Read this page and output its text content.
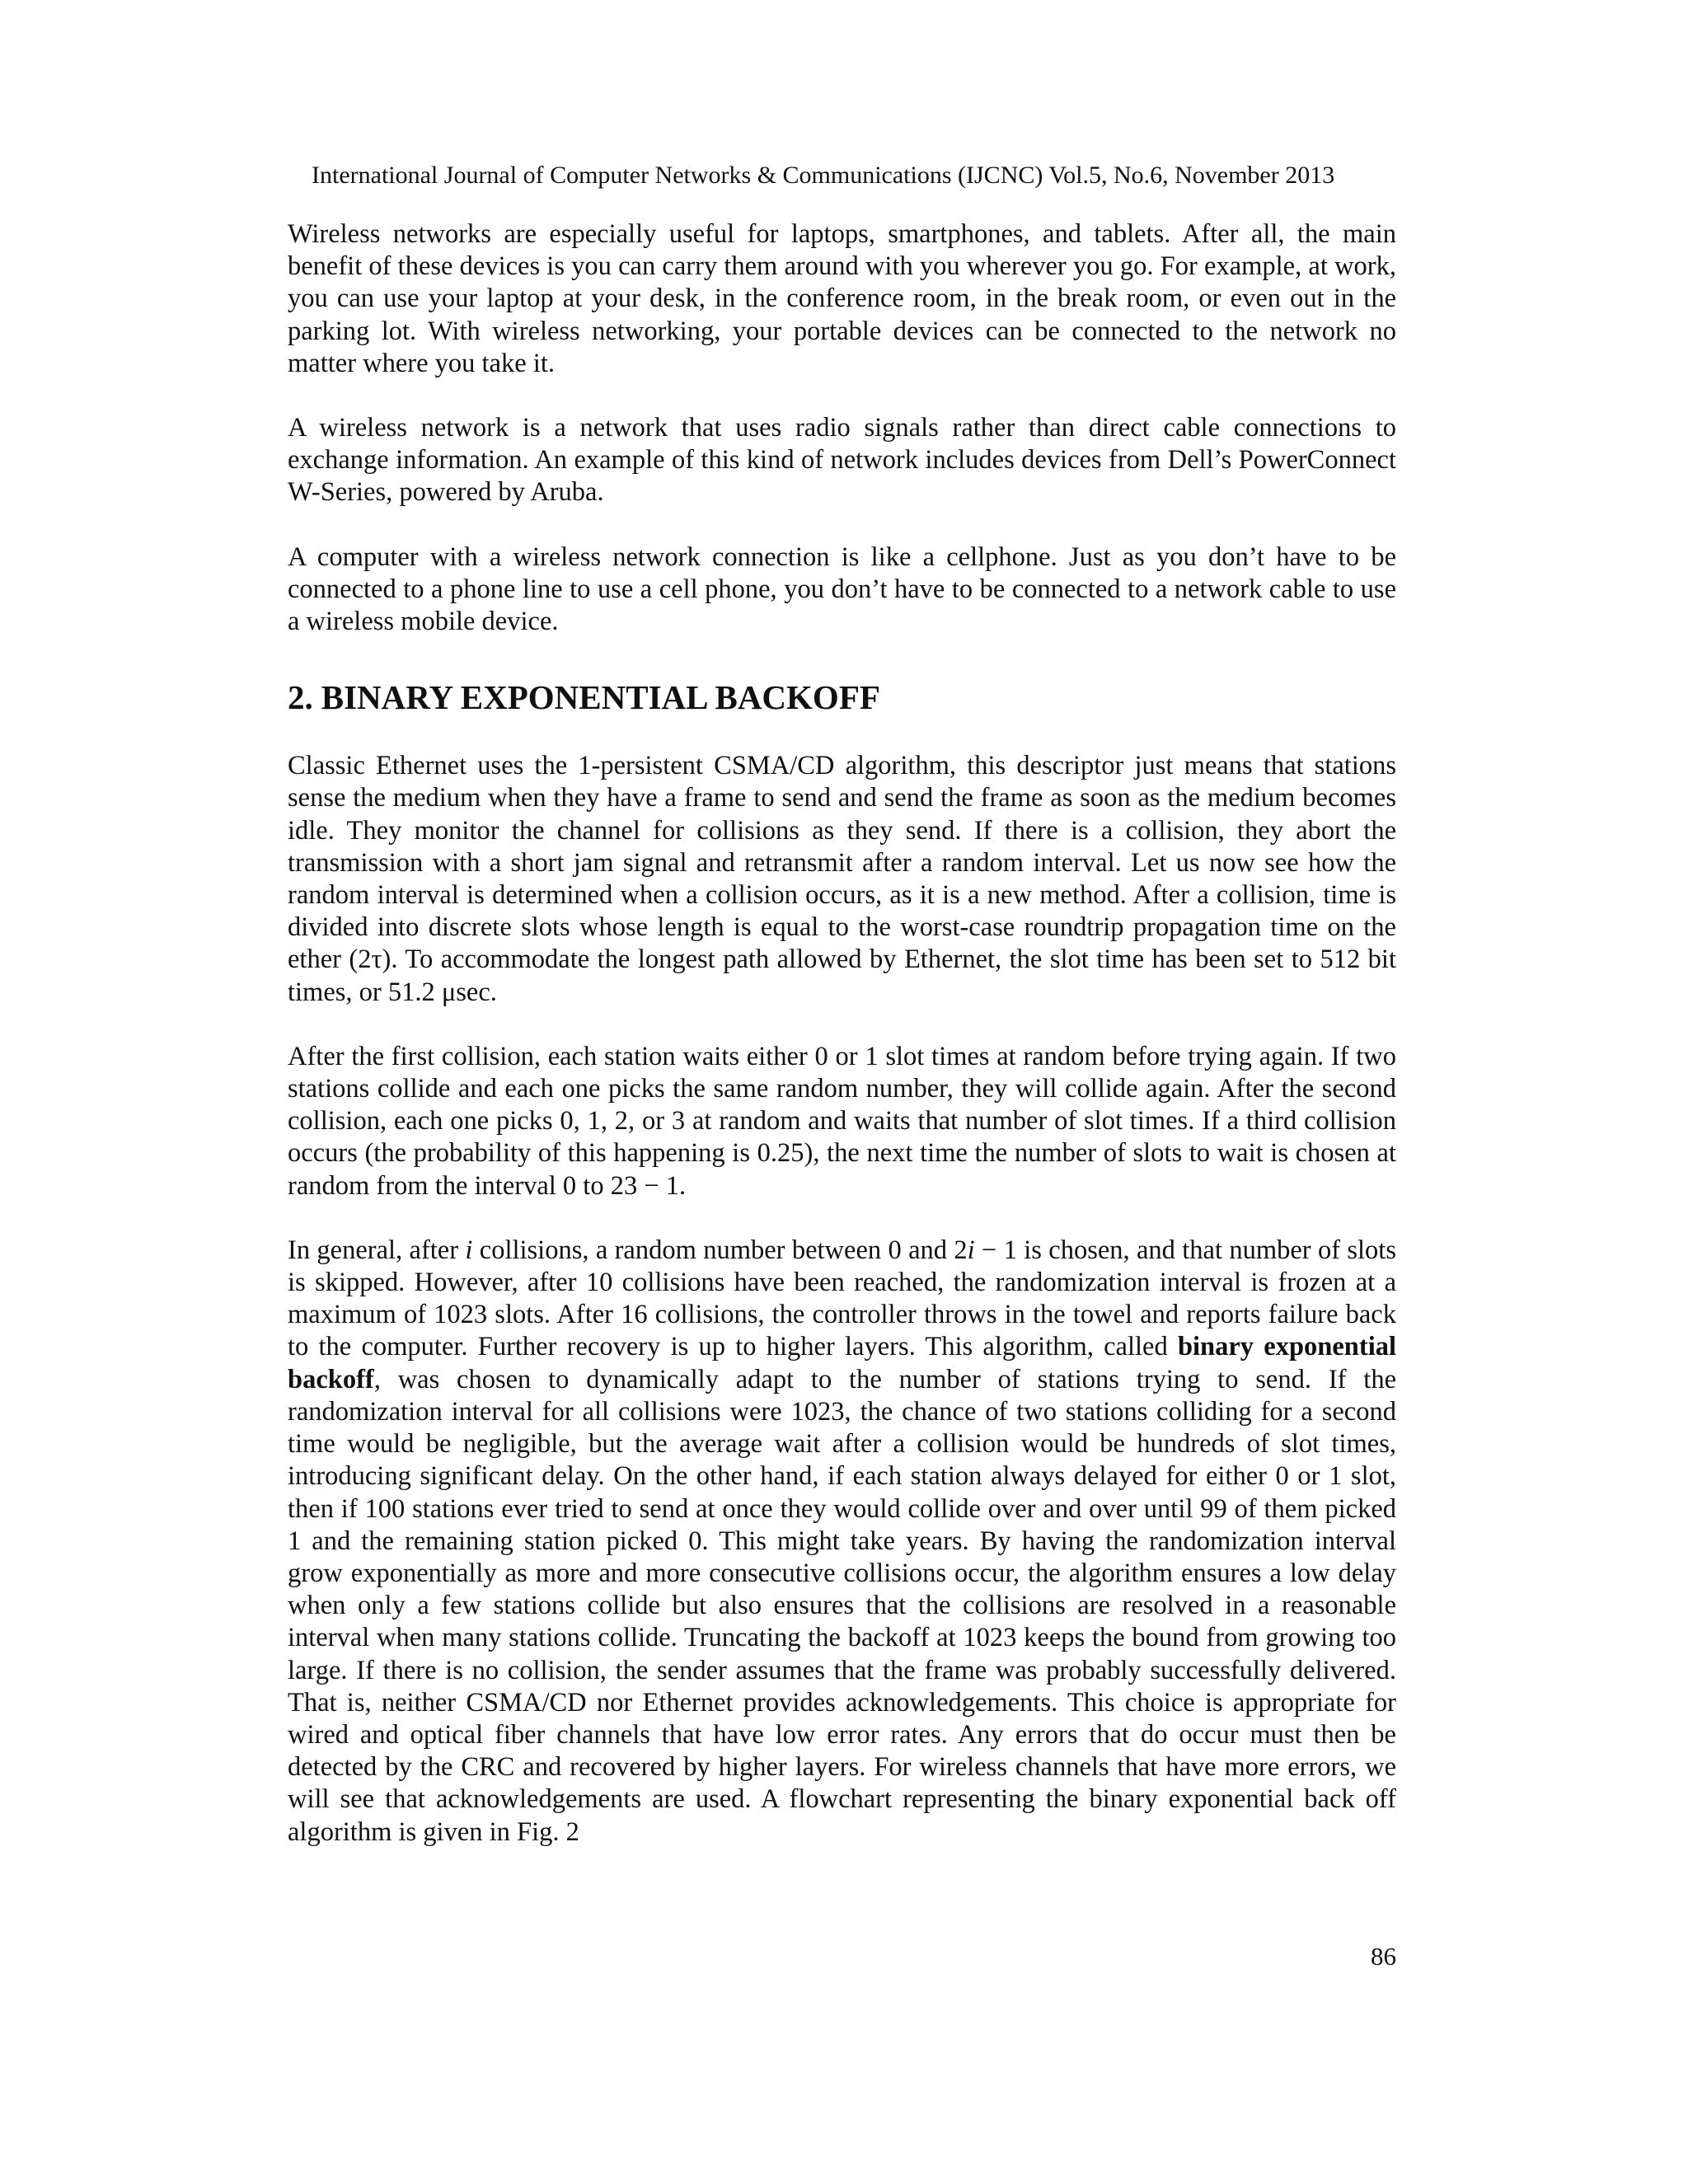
International Journal of Computer Networks & Communications (IJCNC) Vol.5, No.6, November 2013

Wireless networks are especially useful for laptops, smartphones, and tablets. After all, the main benefit of these devices is you can carry them around with you wherever you go. For example, at work, you can use your laptop at your desk, in the conference room, in the break room, or even out in the parking lot. With wireless networking, your portable devices can be connected to the network no matter where you take it.

A wireless network is a network that uses radio signals rather than direct cable connections to exchange information. An example of this kind of network includes devices from Dell’s PowerConnect W-Series, powered by Aruba.

A computer with a wireless network connection is like a cellphone. Just as you don’t have to be connected to a phone line to use a cell phone, you don’t have to be connected to a network cable to use a wireless mobile device.

2. BINARY EXPONENTIAL BACKOFF

Classic Ethernet uses the 1-persistent CSMA/CD algorithm, this descriptor just means that stations sense the medium when they have a frame to send and send the frame as soon as the medium becomes idle. They monitor the channel for collisions as they send. If there is a collision, they abort the transmission with a short jam signal and retransmit after a random interval. Let us now see how the random interval is determined when a collision occurs, as it is a new method. After a collision, time is divided into discrete slots whose length is equal to the worst-case roundtrip propagation time on the ether (2τ). To accommodate the longest path allowed by Ethernet, the slot time has been set to 512 bit times, or 51.2 μsec.

After the first collision, each station waits either 0 or 1 slot times at random before trying again. If two stations collide and each one picks the same random number, they will collide again. After the second collision, each one picks 0, 1, 2, or 3 at random and waits that number of slot times. If a third collision occurs (the probability of this happening is 0.25), the next time the number of slots to wait is chosen at random from the interval 0 to 23 − 1.

In general, after i collisions, a random number between 0 and 2i − 1 is chosen, and that number of slots is skipped. However, after 10 collisions have been reached, the randomization interval is frozen at a maximum of 1023 slots. After 16 collisions, the controller throws in the towel and reports failure back to the computer. Further recovery is up to higher layers. This algorithm, called binary exponential backoff, was chosen to dynamically adapt to the number of stations trying to send. If the randomization interval for all collisions were 1023, the chance of two stations colliding for a second time would be negligible, but the average wait after a collision would be hundreds of slot times, introducing significant delay. On the other hand, if each station always delayed for either 0 or 1 slot, then if 100 stations ever tried to send at once they would collide over and over until 99 of them picked 1 and the remaining station picked 0. This might take years. By having the randomization interval grow exponentially as more and more consecutive collisions occur, the algorithm ensures a low delay when only a few stations collide but also ensures that the collisions are resolved in a reasonable interval when many stations collide. Truncating the backoff at 1023 keeps the bound from growing too large. If there is no collision, the sender assumes that the frame was probably successfully delivered. That is, neither CSMA/CD nor Ethernet provides acknowledgements. This choice is appropriate for wired and optical fiber channels that have low error rates. Any errors that do occur must then be detected by the CRC and recovered by higher layers. For wireless channels that have more errors, we will see that acknowledgements are used. A flowchart representing the binary exponential back off algorithm is given in Fig. 2

86
